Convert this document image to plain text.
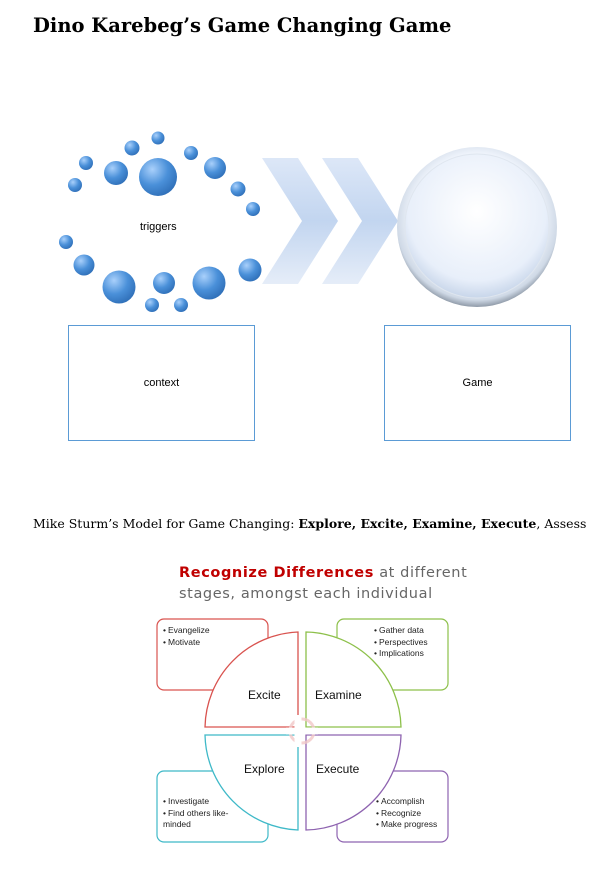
Dino Karebeg’s Game Changing Game
triggers
context	Game
Mike Sturm’s Model for Game Changing: Explore, Excite, Examine, Execute, Assess
Recognize Differences at different
stages, amongst each individual
Excite	Examine
Explore	Execute
• Evangelize
• Motivate
• Gather data
• Perspectives
• Implications
• Investigate
• Find others like-minded
• Accomplish
• Recognize
• Make progress
